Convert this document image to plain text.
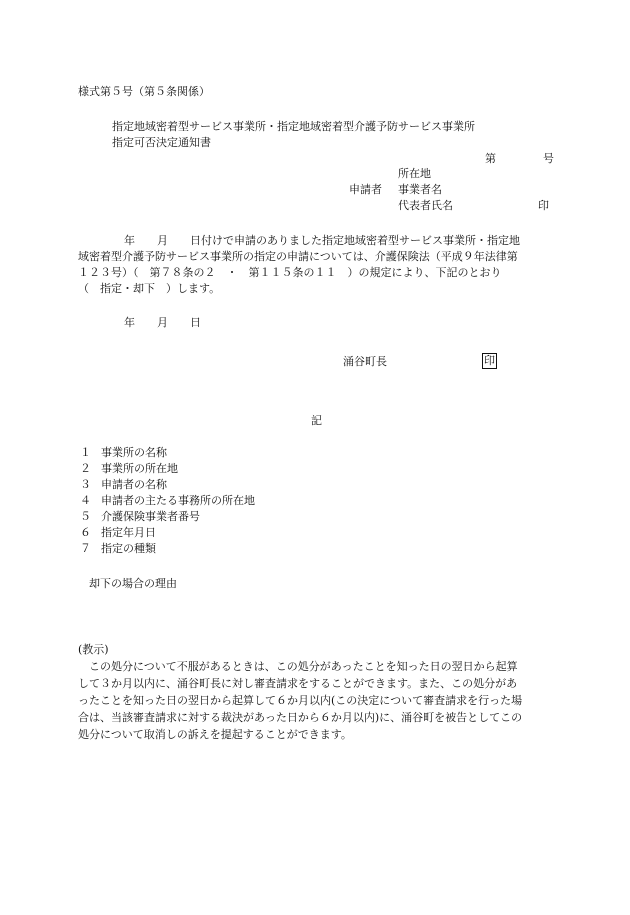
様式第５号（第５条関係）
指定地域密着型サービス事業所・指定地域密着型介護予防サービス事業所
指定可否決定通知書
第	号
所在地
申請者 事業者名
代表者氏名	印
年　　月　　日付けで申請のありました指定地域密着型サービス事業所・指定地
域密着型介護予防サービス事業所の指定の申請については、介護保険法（平成９年法律第
１２３号）（　第７８条の２　・　第１１５条の１１　）の規定により、下記のとおり
（　指定・却下　）します。
年　　月　　日
涌谷町長	印
記
１ 事業所の名称
２ 事業所の所在地
３ 申請者の名称
４ 申請者の主たる事務所の所在地
５ 介護保険事業者番号
６ 指定年月日
７ 指定の種類
却下の場合の理由
(教示)
この処分について不服があるときは、この処分があったことを知った日の翌日から起算
して３か月以内に、涌谷町長に対し審査請求をすることができます。また、この処分があ
ったことを知った日の翌日から起算して６か月以内(この決定について審査請求を行った場
合は、当該審査請求に対する裁決があった日から６か月以内)に、涌谷町を被告としてこの
処分について取消しの訴えを提起することができます。
